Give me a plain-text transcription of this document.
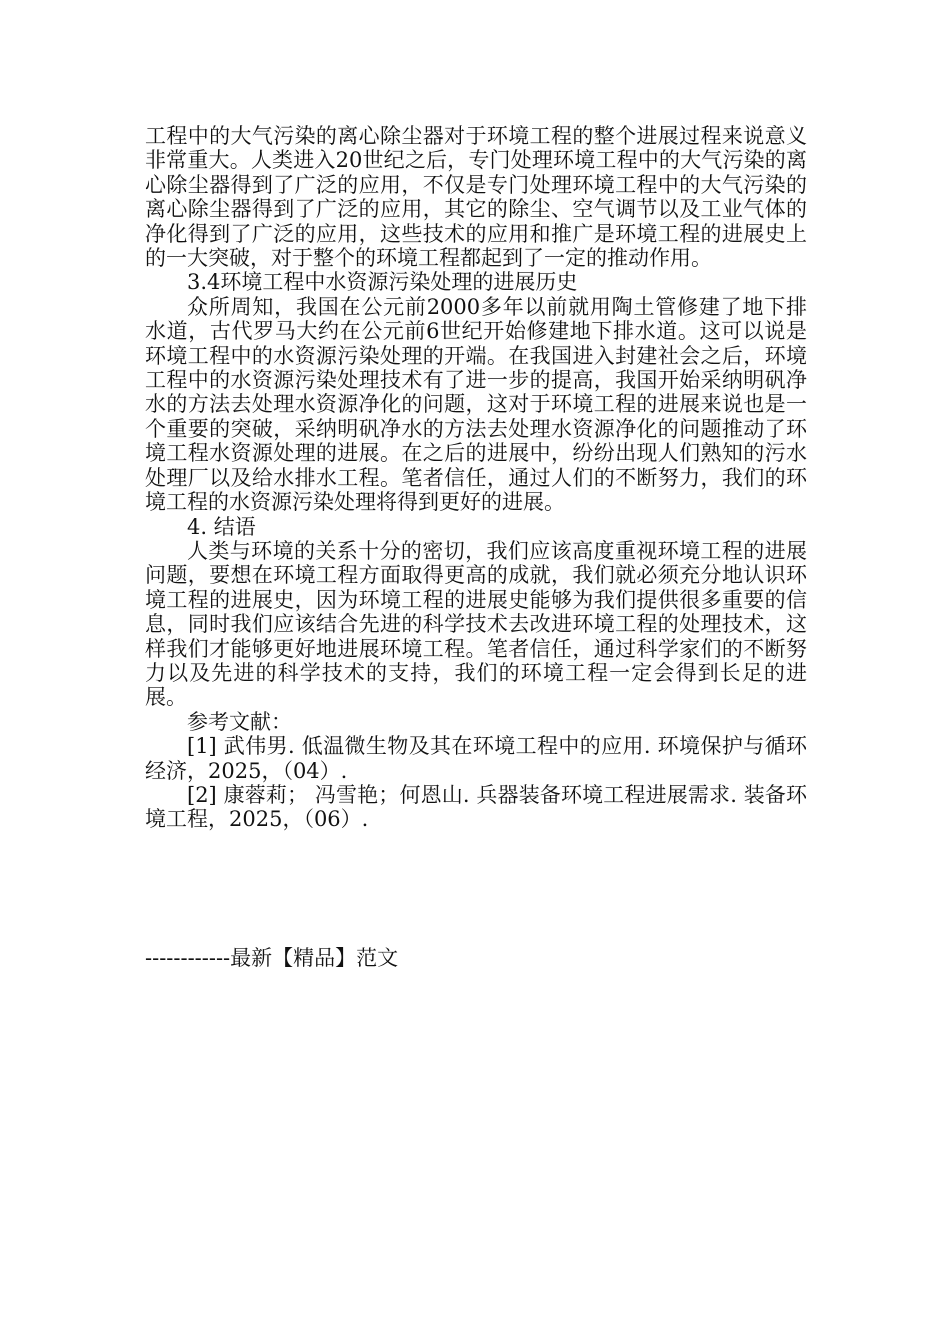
工程中的大气污染的离心除尘器对于环境工程的整个进展过程来说意义非常重大。人类进入20世纪之后，专门处理环境工程中的大气污染的离心除尘器得到了广泛的应用，不仅是专门处理环境工程中的大气污染的离心除尘器得到了广泛的应用，其它的除尘、空气调节以及工业气体的净化得到了广泛的应用，这些技术的应用和推广是环境工程的进展史上的一大突破，对于整个的环境工程都起到了一定的推动作用。

3.4环境工程中水资源污染处理的进展历史

众所周知，我国在公元前2000多年以前就用陶土管修建了地下排水道，古代罗马大约在公元前6世纪开始修建地下排水道。这可以说是环境工程中的水资源污染处理的开端。在我国进入封建社会之后，环境工程中的水资源污染处理技术有了进一步的提高，我国开始采纳明矾净水的方法去处理水资源净化的问题，这对于环境工程的进展来说也是一个重要的突破，采纳明矾净水的方法去处理水资源净化的问题推动了环境工程水资源处理的进展。在之后的进展中，纷纷出现人们熟知的污水处理厂以及给水排水工程。笔者信任，通过人们的不断努力，我们的环境工程的水资源污染处理将得到更好的进展。

4. 结语

人类与环境的关系十分的密切，我们应该高度重视环境工程的进展问题，要想在环境工程方面取得更高的成就，我们就必须充分地认识环境工程的进展史，因为环境工程的进展史能够为我们提供很多重要的信息，同时我们应该结合先进的科学技术去改进环境工程的处理技术，这样我们才能够更好地进展环境工程。笔者信任，通过科学家们的不断努力以及先进的科学技术的支持，我们的环境工程一定会得到长足的进展。

参考文献：

[1] 武伟男. 低温微生物及其在环境工程中的应用. 环境保护与循环经济，2025，（04）.

[2] 康蓉莉； 冯雪艳；何恩山. 兵器装备环境工程进展需求. 装备环境工程，2025，（06）.

------------最新【精品】范文
